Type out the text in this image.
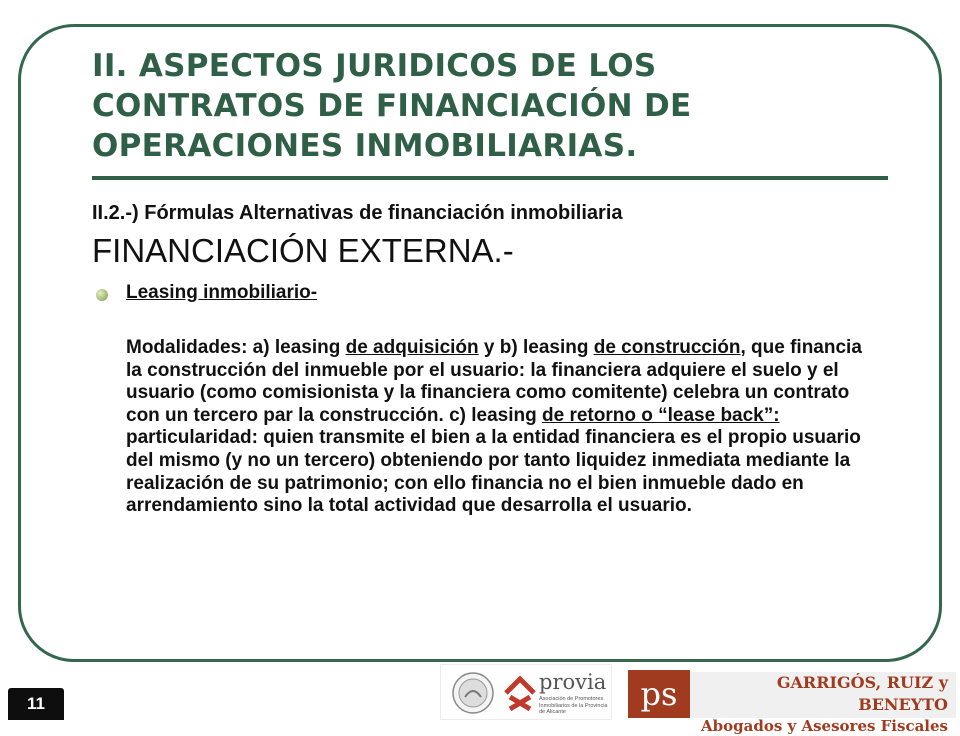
II. ASPECTOS JURIDICOS DE LOS
CONTRATOS DE FINANCIACIÓN DE
OPERACIONES INMOBILIARIAS.
II.2.-) Fórmulas Alternativas de financiación inmobiliaria
FINANCIACIÓN EXTERNA.-
Leasing inmobiliario-
Modalidades: a) leasing de adquisición y b) leasing de construcción, que financia la construcción del inmueble por el usuario: la financiera adquiere el suelo y el usuario (como comisionista y la financiera como comitente) celebra un contrato con un tercero par la construcción. c) leasing de retorno o “lease back”: particularidad: quien transmite el bien a la entidad financiera es el propio usuario del mismo (y no un tercero) obteniendo por tanto liquidez inmediata mediante la realización de su patrimonio; con ello financia no el bien inmueble dado en arrendamiento sino la total actividad que desarrolla el usuario.
11
provia
Asociación de Promotores Inmobiliarios de la Provincia de Alicante	ps	GARRIGÓS, RUIZ y BENEYTO
Abogados y Asesores Fiscales
